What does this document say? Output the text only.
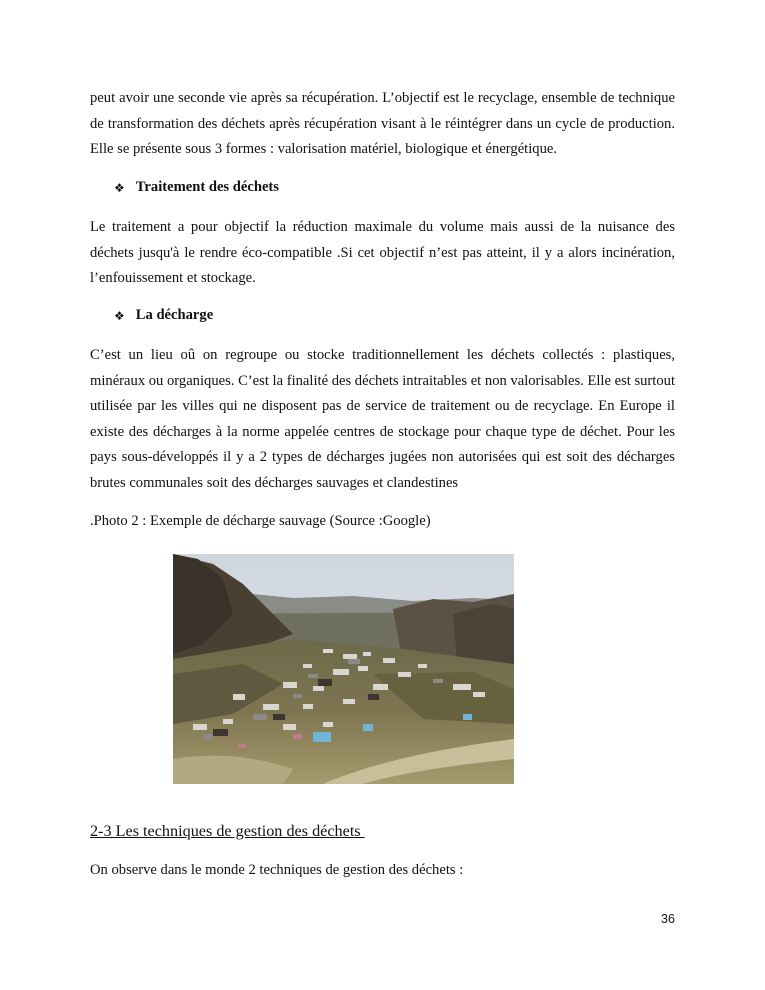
peut avoir une seconde vie après sa récupération. L’objectif est le recyclage, ensemble de technique de transformation des déchets après récupération visant à le réintégrer dans un cycle de production. Elle se présente sous 3 formes : valorisation matériel, biologique et énergétique.

❖ Traitement des déchets

Le traitement a pour objectif la réduction maximale du volume mais aussi de la nuisance des déchets jusqu'à le rendre éco-compatible .Si cet objectif n’est pas atteint, il y a alors incinération, l’enfouissement et stockage.

❖ La décharge

C’est un lieu oû on regroupe ou stocke traditionnellement les déchets collectés : plastiques, minéraux ou organiques. C’est la finalité des déchets intraitables et non valorisables. Elle est surtout utilisée par les villes qui ne disposent pas de service de traitement ou de recyclage. En Europe il existe des décharges à la norme appelée centres de stockage pour chaque type de déchet. Pour les pays sous-développés il y a 2 types de décharges jugées non autorisées qui est soit des décharges brutes communales soit des décharges sauvages et clandestines

.Photo 2 : Exemple de décharge sauvage (Source :Google)

2-3 Les techniques de gestion des déchets

On observe dans le monde 2 techniques de gestion des déchets :

36
